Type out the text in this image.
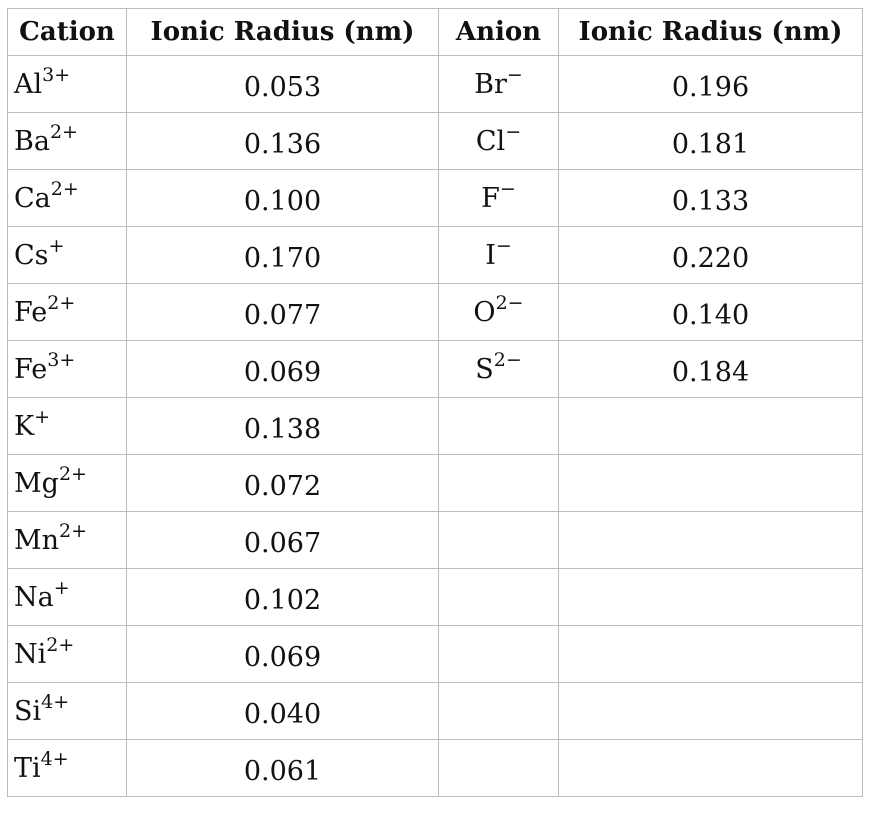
Cation	Ionic Radius (nm)	Anion	Ionic Radius (nm)
$Al^{3+}$	0.053	Br−	0.196
$Ba^{2+}$	0.136	Cl−	0.181
$Ca^{2+}$	0.100	F−	0.133
Cs+	0.170	I−	0.220
$Fe^{2+}$	0.077	$O^{2-}$	0.140
$Fe^{3+}$	0.069	$S^{2-}$	0.184
K+	0.138		
$Mg^{2+}$	0.072		
$Mn^{2+}$	0.067		
Na+	0.102		
$Ni^{2+}$	0.069		
$Si^{4+}$	0.040		
$Ti^{4+}$	0.061		
